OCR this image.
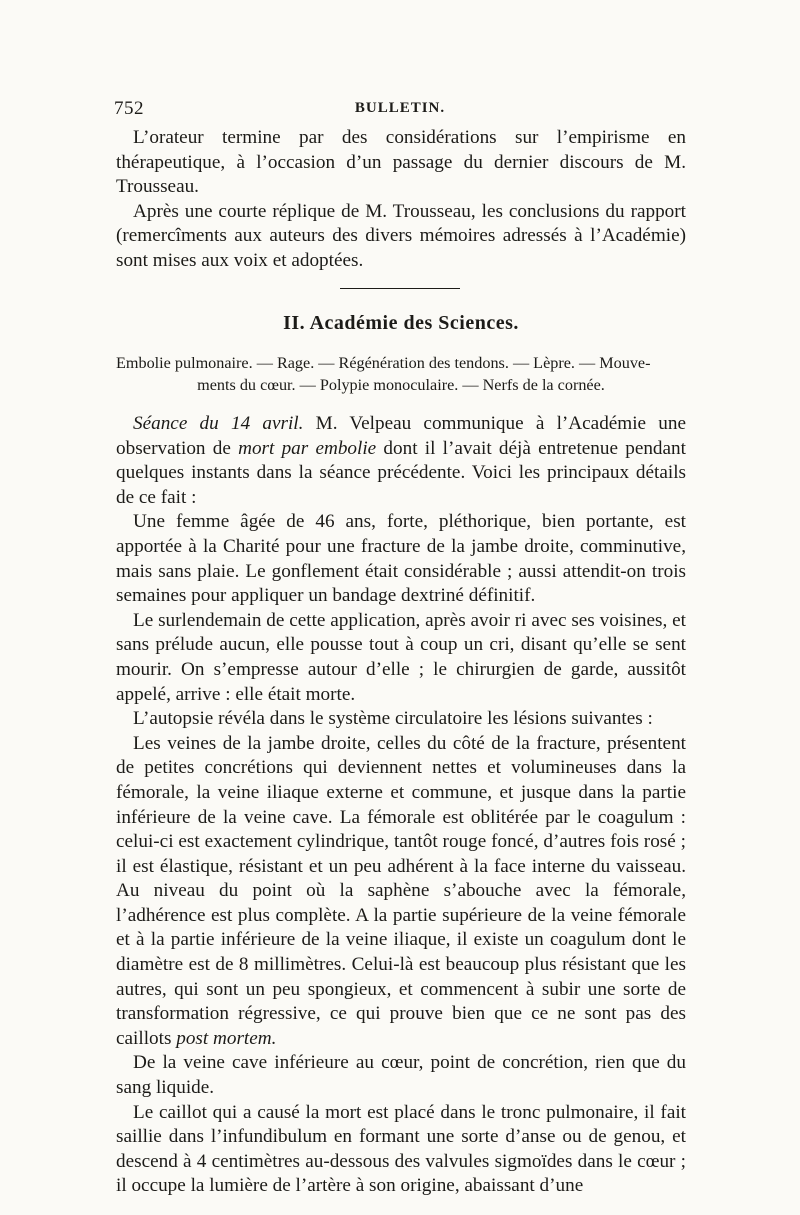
752	BULLETIN.

L’orateur termine par des considérations sur l’empirisme en thérapeutique, à l’occasion d’un passage du dernier discours de M. Trousseau.

Après une courte réplique de M. Trousseau, les conclusions du rapport (remercîments aux auteurs des divers mémoires adressés à l’Académie) sont mises aux voix et adoptées.

II. Académie des Sciences.
Embolie pulmonaire. — Rage. — Régénération des tendons. — Lèpre. — Mouve-
ments du cœur. — Polypie monoculaire. — Nerfs de la cornée.

Séance du 14 avril. M. Velpeau communique à l’Académie une observation de mort par embolie dont il l’avait déjà entretenue pendant quelques instants dans la séance précédente. Voici les principaux détails de ce fait :

Une femme âgée de 46 ans, forte, pléthorique, bien portante, est apportée à la Charité pour une fracture de la jambe droite, comminutive, mais sans plaie. Le gonflement était considérable ; aussi attendit-on trois semaines pour appliquer un bandage dextriné définitif.

Le surlendemain de cette application, après avoir ri avec ses voisines, et sans prélude aucun, elle pousse tout à coup un cri, disant qu’elle se sent mourir. On s’empresse autour d’elle ; le chirurgien de garde, aussitôt appelé, arrive : elle était morte.

L’autopsie révéla dans le système circulatoire les lésions suivantes :

Les veines de la jambe droite, celles du côté de la fracture, présentent de petites concrétions qui deviennent nettes et volumineuses dans la fémorale, la veine iliaque externe et commune, et jusque dans la partie inférieure de la veine cave. La fémorale est oblitérée par le coagulum : celui-ci est exactement cylindrique, tantôt rouge foncé, d’autres fois rosé ; il est élastique, résistant et un peu adhérent à la face interne du vaisseau. Au niveau du point où la saphène s’abouche avec la fémorale, l’adhérence est plus complète. A la partie supérieure de la veine fémorale et à la partie inférieure de la veine iliaque, il existe un coagulum dont le diamètre est de 8 millimètres. Celui-là est beaucoup plus résistant que les autres, qui sont un peu spongieux, et commencent à subir une sorte de transformation régressive, ce qui prouve bien que ce ne sont pas des caillots post mortem.

De la veine cave inférieure au cœur, point de concrétion, rien que du sang liquide.

Le caillot qui a causé la mort est placé dans le tronc pulmonaire, il fait saillie dans l’infundibulum en formant une sorte d’anse ou de genou, et descend à 4 centimètres au-dessous des valvules sigmoïdes dans le cœur ; il occupe la lumière de l’artère à son origine, abaissant d’une
